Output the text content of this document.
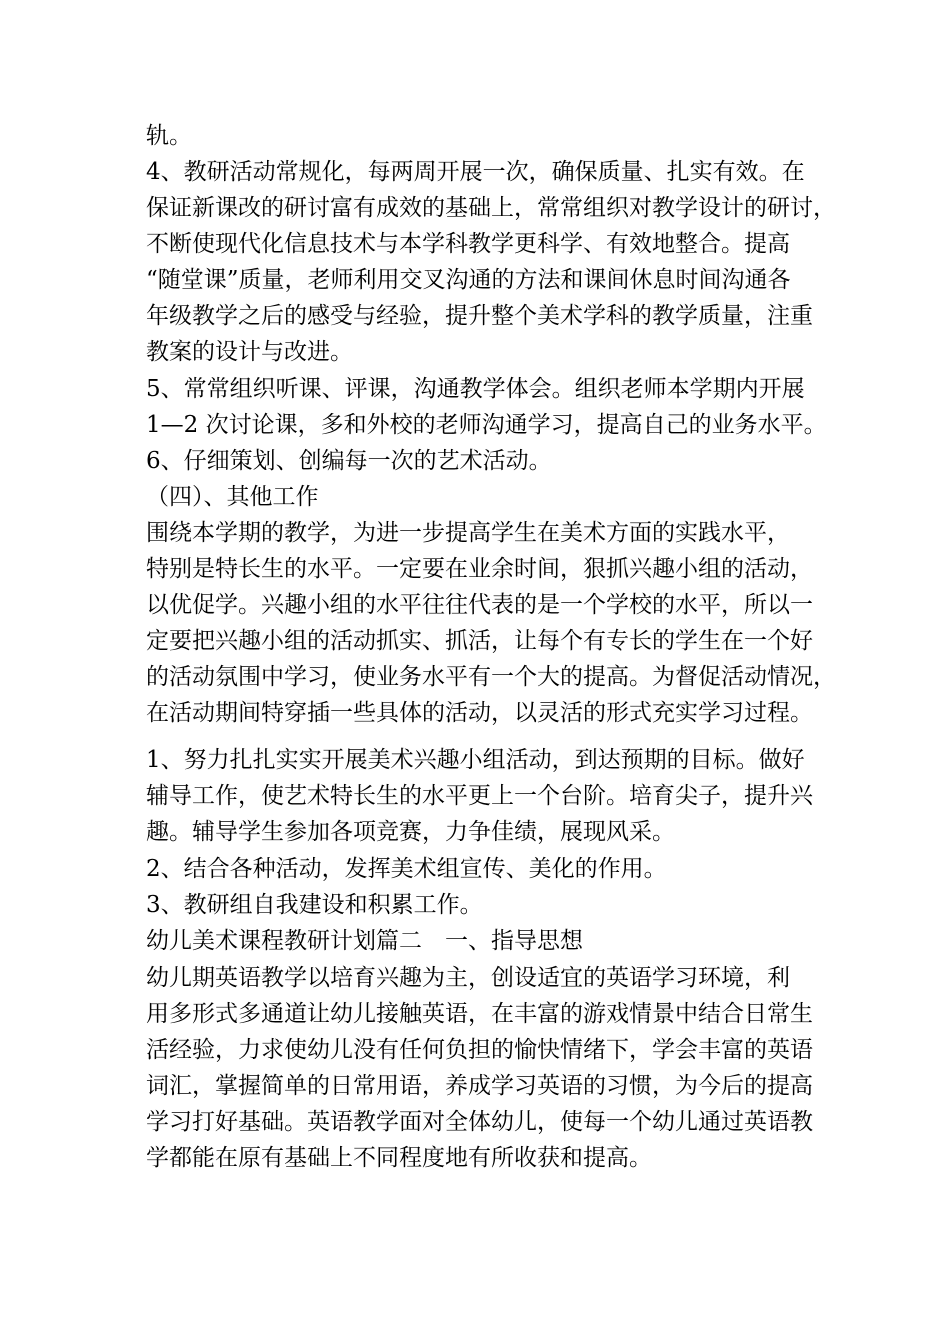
轨。
4、教研活动常规化，每两周开展一次，确保质量、扎实有效。在
保证新课改的研讨富有成效的基础上，常常组织对教学设计的研讨，
不断使现代化信息技术与本学科教学更科学、有效地整合。提高
“随堂课”质量，老师利用交叉沟通的方法和课间休息时间沟通各
年级教学之后的感受与经验，提升整个美术学科的教学质量，注重
教案的设计与改进。
5、常常组织听课、评课，沟通教学体会。组织老师本学期内开展
1—2 次讨论课，多和外校的老师沟通学习，提高自己的业务水平。
6、仔细策划、创编每一次的艺术活动。
（四）、其他工作
围绕本学期的教学，为进一步提高学生在美术方面的实践水平，
特别是特长生的水平。一定要在业余时间，狠抓兴趣小组的活动，
以优促学。兴趣小组的水平往往代表的是一个学校的水平，所以一
定要把兴趣小组的活动抓实、抓活，让每个有专长的学生在一个好
的活动氛围中学习，使业务水平有一个大的提高。为督促活动情况，
在活动期间特穿插一些具体的活动，以灵活的形式充实学习过程。
1、努力扎扎实实开展美术兴趣小组活动，到达预期的目标。做好
辅导工作，使艺术特长生的水平更上一个台阶。培育尖子，提升兴
趣。辅导学生参加各项竞赛，力争佳绩，展现风采。
2、结合各种活动，发挥美术组宣传、美化的作用。
3、教研组自我建设和积累工作。
幼儿美术课程教研计划篇二　一、指导思想
幼儿期英语教学以培育兴趣为主，创设适宜的英语学习环境，利
用多形式多通道让幼儿接触英语，在丰富的游戏情景中结合日常生
活经验，力求使幼儿没有任何负担的愉快情绪下，学会丰富的英语
词汇，掌握简单的日常用语，养成学习英语的习惯，为今后的提高
学习打好基础。英语教学面对全体幼儿，使每一个幼儿通过英语教
学都能在原有基础上不同程度地有所收获和提高。
